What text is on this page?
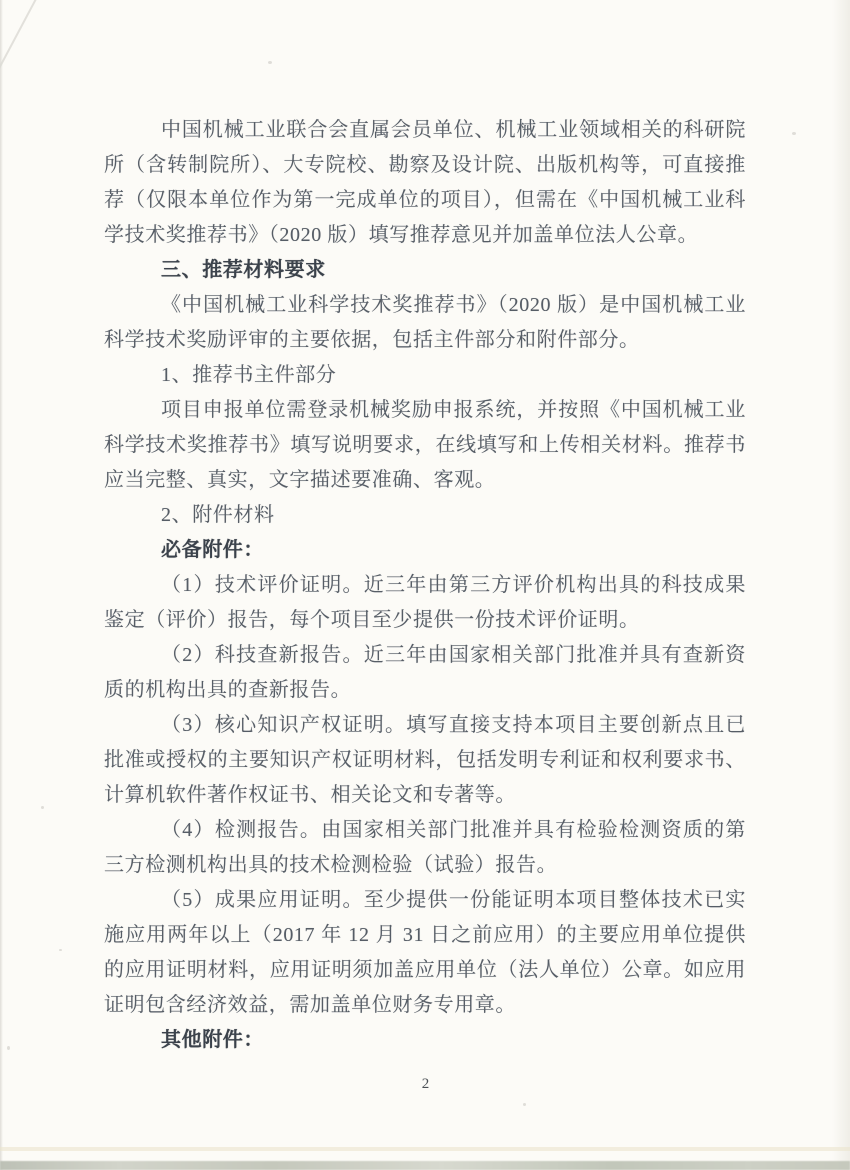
中国机械工业联合会直属会员单位、机械工业领域相关的科研院所（含转制院所）、大专院校、勘察及设计院、出版机构等，可直接推荐（仅限本单位作为第一完成单位的项目），但需在《中国机械工业科学技术奖推荐书》（2020 版）填写推荐意见并加盖单位法人公章。

三、推荐材料要求

《中国机械工业科学技术奖推荐书》（2020 版）是中国机械工业科学技术奖励评审的主要依据，包括主件部分和附件部分。

1、推荐书主件部分

项目申报单位需登录机械奖励申报系统，并按照《中国机械工业科学技术奖推荐书》填写说明要求，在线填写和上传相关材料。推荐书应当完整、真实，文字描述要准确、客观。

2、附件材料

必备附件：

（1）技术评价证明。近三年由第三方评价机构出具的科技成果鉴定（评价）报告，每个项目至少提供一份技术评价证明。

（2）科技查新报告。近三年由国家相关部门批准并具有查新资质的机构出具的查新报告。

（3）核心知识产权证明。填写直接支持本项目主要创新点且已批准或授权的主要知识产权证明材料，包括发明专利证和权利要求书、计算机软件著作权证书、相关论文和专著等。

（4）检测报告。由国家相关部门批准并具有检验检测资质的第三方检测机构出具的技术检测检验（试验）报告。

（5）成果应用证明。至少提供一份能证明本项目整体技术已实施应用两年以上（2017 年 12 月 31 日之前应用）的主要应用单位提供的应用证明材料，应用证明须加盖应用单位（法人单位）公章。如应用证明包含经济效益，需加盖单位财务专用章。

其他附件：

2
